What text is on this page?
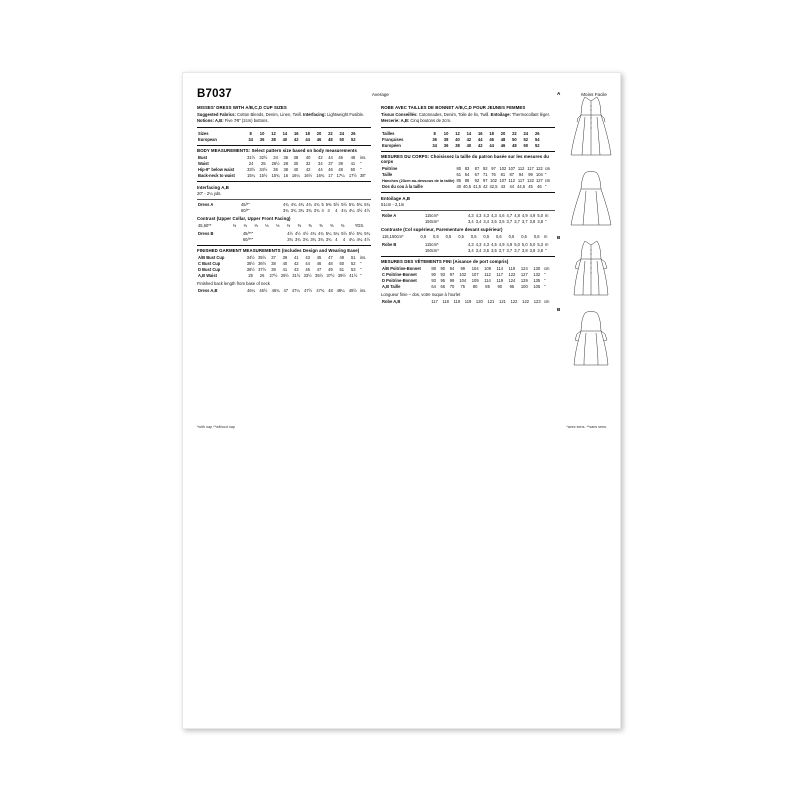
B7037	Average	Moins Facile
MISSES' DRESS WITH A/B,C,D CUP SIZES
Suggested Fabrics: Cotton Blends, Denim, Linen, Twill. Interfacing: Lightweight Fusible.
Notions: A,B: Five 7⁄8" (2cm) buttons.
Sizes	8	10	12	14	16	18	20	22	24	26	
European	34	36	38	40	42	44	46	48	50	52	
BODY MEASUREMENTS: Select pattern size based on body measurements
Bust	31½	32½	34	36	38	40	42	44	46	48	ins.
Waist	24	25	26½	28	30	32	34	37	39	41	"
Hip-9" below waist	33½	34½	36	38	40	42	44	46	48	50	"
Back-neck to waist	15¼	15½	15¾	16	16¼	16½	16¾	17	17¼	17½	38"
Interfacing A,B
20" - 2¼ yds.
Dress A	45/*"	4¾	4¾	4¾	4¾	4¾	5	5⅜	5½	5½	5¾	5¾	5¾
	60/*"	3¾	3¾	3¾	3¾	3¾	4	4	4	4¼	4¼	4½	4½
Contrast (Upper Collar, Upper Front Facing)
45,60**	⅓	⅓	⅓	⅓	⅓	⅓	⅜	⅜	⅜	⅜	⅜	YDS.
Dress B	45/**"	4½	4½	4½	4¾	4¾	5¼	5¼	5½	5½	5¾	5¾
	60/**"	3¾	3¾	3¾	3¾	3¾	3¾	4	4	4¼	4¼	4½
FINISHED GARMENT MEASUREMENTS (Includes Design and Wearing Ease)
A/B Bust Cup	34½	35½	37	39	41	43	45	47	49	51	ins.
C Bust Cup	35½	36½	38	40	42	44	46	48	50	52	"
D Bust Cup	36½	37½	39	41	43	45	47	49	51	53	"
A,B Waist	25	26	27½	29½	31½	33½	35½	37½	39½	41½	"
Finished back length from base of neck
Dress A,B	46¼	46½	46¾	47	47¼	47½	47¾	48	48¼	48½	ins.
ROBE AVEC TAILLES DE BONNET A/B,C,D POUR JEUNES FEMMES
Tissus Conseillés: Cotonnades, Denim, Toile de lin, Twill. Entoilage: Thermocollant léger.
Mercerie: A,B: Cinq boutons de 2cm.
Tailles	8	10	12	14	16	18	20	22	24	26	
Françaises	36	38	40	42	44	46	48	50	52	54	
Européen	34	36	38	40	42	44	46	48	50	52	
MESURES DU CORPS: Choisissez la taille du patron basée sur les mesures du corps
Poitrine	80	83	87	92	97	102	107	112	117	122	cm
Taille	61	64	67	71	76	81	87	94	99	104	"
Hanches (23cm au-dessous de la taille)	85	88	92	97	102	107	112	117	122	127	cm
Dos du cou à la taille	40	40,5	41,5	42	42,5	43	44	44,5	45	46	"
Entoilage A,B
51cm - 2,1m
Robe A	115cm*	4,3	4,3	4,3	4,3	4,6	4,7	4,8	4,9	4,9	5,0	m
	150cm*	3,4	3,4	3,4	3,5	3,5	3,7	3,7	3,7	3,8	3,8	"
Contraste (Col supérieur, Parementure devant supérieur)
115,150cm*	0,5	0,5	0,5	0,5	0,5	0,5	0,6	0,6	0,6	0,6	m
Robe B	115cm*	4,3	4,3	4,3	4,5	4,9	4,9	5,0	5,0	5,0	5,3	m
	150cm*	3,4	3,4	3,5	3,5	3,7	3,7	3,7	3,8	3,8	3,8	"
MESURES DES VÊTEMENTS FINI (Aisance de port compris)
A/B Poitrine-Bonnet	88	90	94	99	104	109	114	119	124	130	cm
C Poitrine-Bonnet	90	93	97	102	107	112	117	122	127	132	"
D Poitrine-Bonnet	93	95	99	104	109	114	119	124	129	135	"
A,B Taille	64	66	70	75	80	85	90	95	100	105	"
Longueur finie – dos, votre nuque à l'ourlet
Robe A,B	117	118	119	119	120	121	121	122	122	123	cm
A
B
B
*with nap **without nap	*avec sens. **sans sens.
